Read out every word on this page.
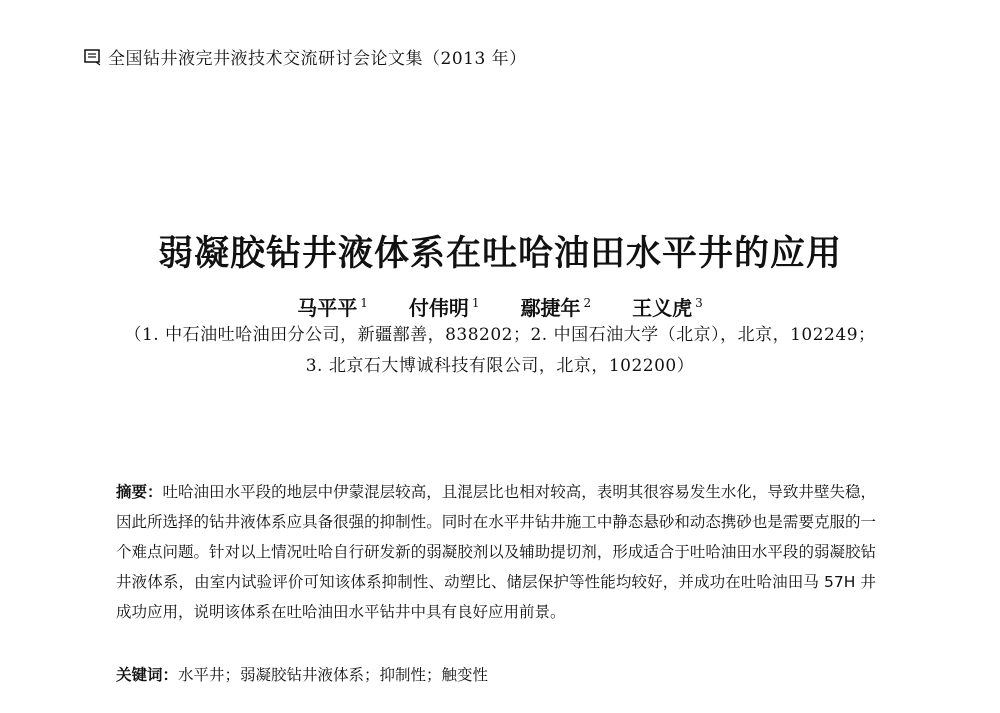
全国钻井液完井液技术交流研讨会论文集（2013 年）
弱凝胶钻井液体系在吐哈油田水平井的应用
马平平 $^1$ 付伟明 $^1$ 鄢捷年 $^2$ 王义虎 $^3$
（1. 中石油吐哈油田分公司，新疆鄯善，838202；2. 中国石油大学（北京），北京，102249；
3. 北京石大博诚科技有限公司，北京，102200）
摘要：吐哈油田水平段的地层中伊蒙混层较高，且混层比也相对较高，表明其很容易发生水化，导致井壁失稳，因此所选择的钻井液体系应具备很强的抑制性。同时在水平井钻井施工中静态悬砂和动态携砂也是需要克服的一个难点问题。针对以上情况吐哈自行研发新的弱凝胶剂以及辅助提切剂，形成适合于吐哈油田水平段的弱凝胶钻井液体系，由室内试验评价可知该体系抑制性、动塑比、储层保护等性能均较好，并成功在吐哈油田马 57H 井成功应用，说明该体系在吐哈油田水平钻井中具有良好应用前景。
关键词：水平井；弱凝胶钻井液体系；抑制性；触变性
